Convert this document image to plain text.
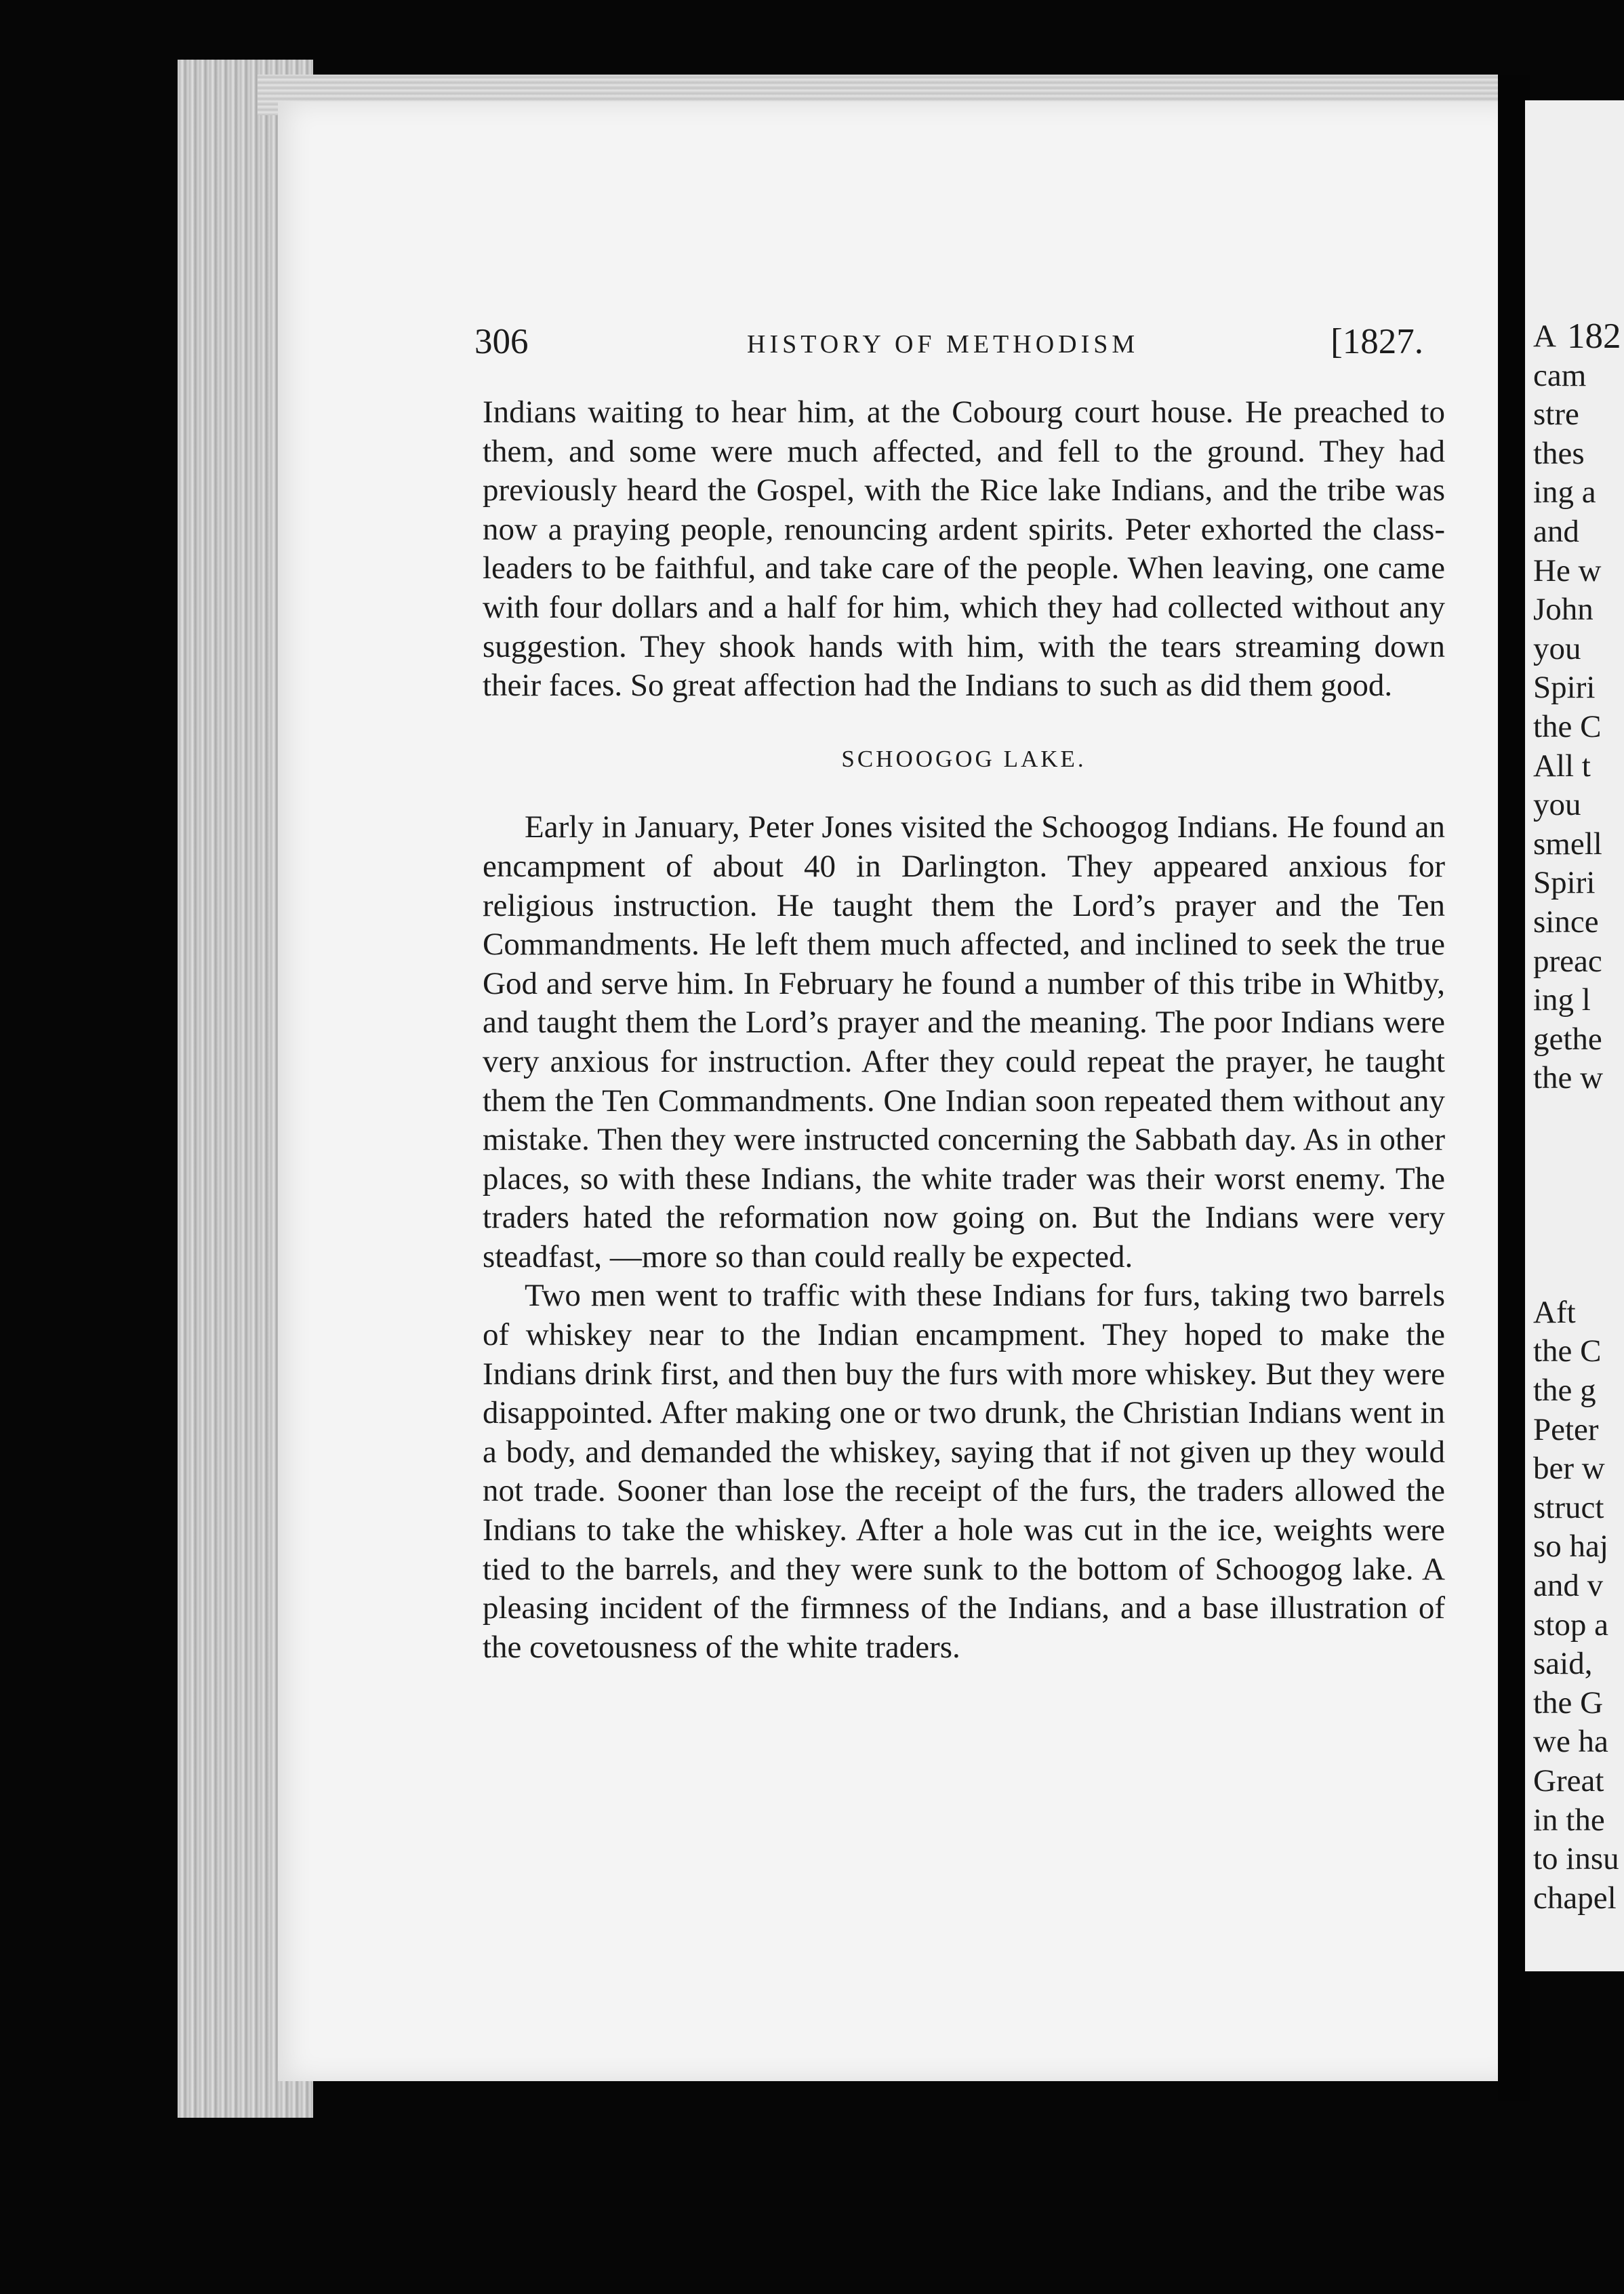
306	HISTORY OF METHODISM	[1827.

Indians waiting to hear him, at the Cobourg court house. He preached to them, and some were much affected, and fell to the ground. They had previously heard the Gospel, with the Rice lake Indians, and the tribe was now a praying people, renouncing ardent spirits. Peter exhorted the class-leaders to be faithful, and take care of the people. When leaving, one came with four dollars and a half for him, which they had collected without any suggestion. They shook hands with him, with the tears streaming down their faces. So great affection had the Indians to such as did them good.

SCHOOGOG LAKE.

Early in January, Peter Jones visited the Schoogog Indians. He found an encampment of about 40 in Darlington. They appeared anxious for religious instruction. He taught them the Lord’s prayer and the Ten Commandments. He left them much affected, and inclined to seek the true God and serve him. In February he found a number of this tribe in Whitby, and taught them the Lord’s prayer and the meaning. The poor Indians were very anxious for instruction. After they could repeat the prayer, he taught them the Ten Commandments. One Indian soon repeated them without any mistake. Then they were instructed concerning the Sabbath day. As in other places, so with these Indians, the white trader was their worst enemy. The traders hated the reformation now going on. But the Indians were very steadfast, —more so than could really be expected.

Two men went to traffic with these Indians for furs, taking two barrels of whiskey near to the Indian encampment. They hoped to make the Indians drink first, and then buy the furs with more whiskey. But they were disappointed. After making one or two drunk, the Christian Indians went in a body, and demanded the whiskey, saying that if not given up they would not trade. Sooner than lose the receipt of the furs, the traders allowed the Indians to take the whiskey. After a hole was cut in the ice, weights were tied to the barrels, and they were sunk to the bottom of Schoogog lake. A pleasing incident of the firmness of the Indians, and a base illustration of the covetousness of the white traders.

182
A
cam
stre
thes
ing a
and
He w
John
you
Spiri
the C
All t
you
smell
Spiri
since
preac
ing l
gethe
the w
Aft
the C
the g
Peter
ber w
struct
so haj
and v
stop a
said,
the G
we ha
Great
in the
to insu
chapel
